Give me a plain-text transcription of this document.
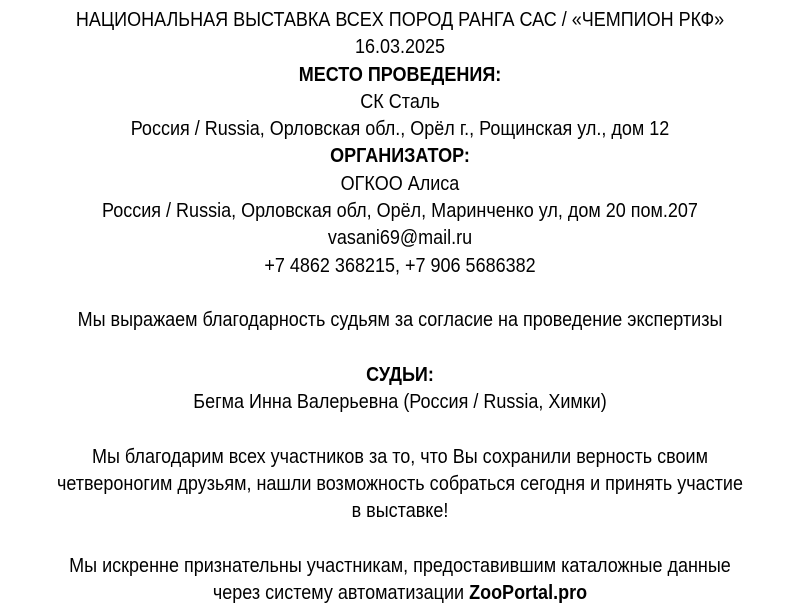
НАЦИОНАЛЬНАЯ ВЫСТАВКА ВСЕХ ПОРОД РАНГА САС / «ЧЕМПИОН РКФ»
16.03.2025
МЕСТО ПРОВЕДЕНИЯ:
СК Сталь
Россия / Russia, Орловская обл., Орёл г., Рощинская ул., дом 12
ОРГАНИЗАТОР:
ОГКОО Алиса
Россия / Russia, Орловская обл, Орёл, Маринченко ул, дом 20 пом.207
vasani69@mail.ru
+7 4862 368215, +7 906 5686382
Мы выражаем благодарность судьям за согласие на проведение экспертизы
СУДЬИ:
Бегма Инна Валерьевна (Россия / Russia, Химки)
Мы благодарим всех участников за то, что Вы сохранили верность своим
четвероногим друзьям, нашли возможность собраться сегодня и принять участие
в выставке!
Мы искренне признательны участникам, предоставившим каталожные данные
через систему автоматизации ZooPortal.pro
